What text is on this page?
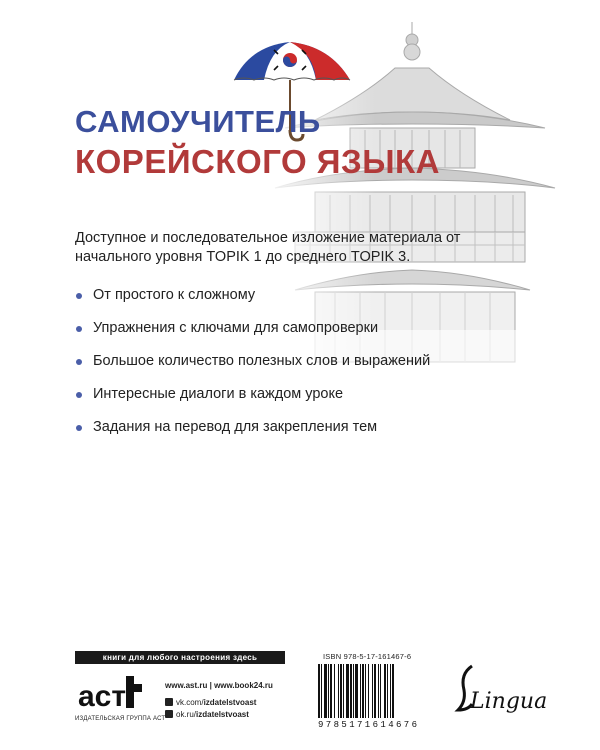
САМОУЧИТЕЛЬ
КОРЕЙСКОГО ЯЗЫКА
Доступное и последовательное изложение материала от начального уровня TOPIK 1 до среднего TOPIK 3.
От простого к сложному
Упражнения с ключами для самопроверки
Большое количество полезных слов и выражений
Интересные диалоги в каждом уроке
Задания на перевод для закрепления тем
книги для любого настроения здесь
аст
ИЗДАТЕЛЬСКАЯ ГРУППА АСТ
www.ast.ru | www.book24.ru
vk.com/izdatelstvoast
ok.ru/izdatelstvoast
ISBN 978-5-17-161467-6
9785171614676
Lingua
